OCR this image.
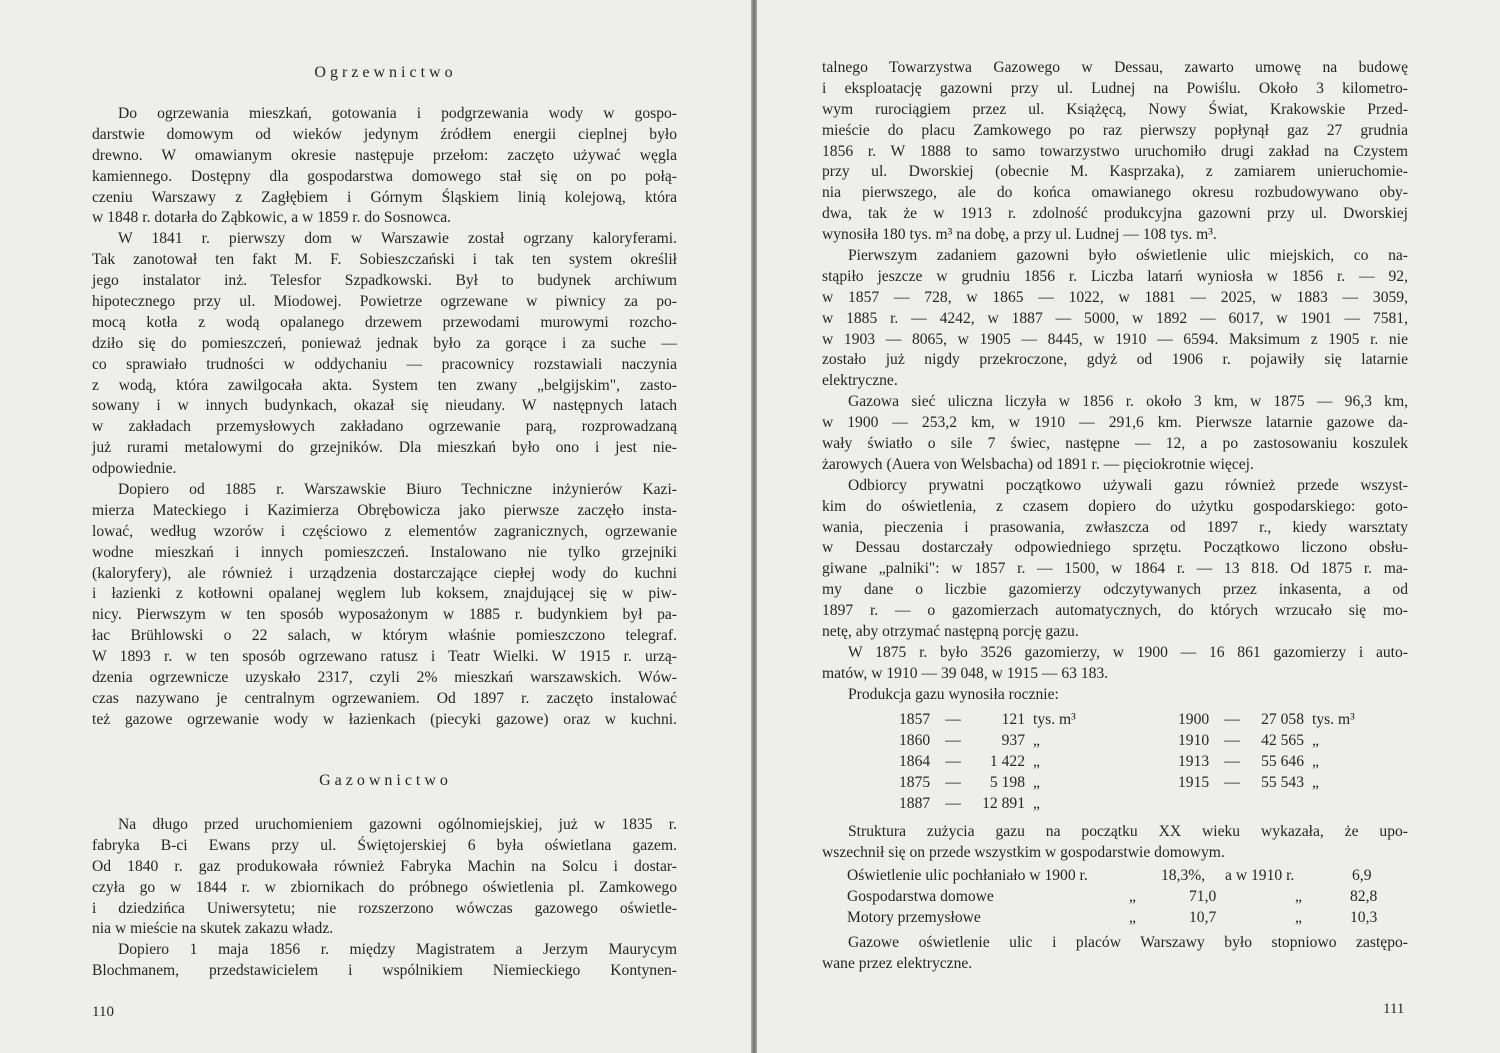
Ogrzewnictwo
Do ogrzewania mieszkań, gotowania i podgrzewania wody w gospo-
darstwie domowym od wieków jedynym źródłem energii cieplnej było
drewno. W omawianym okresie następuje przełom: zaczęto używać węgla
kamiennego. Dostępny dla gospodarstwa domowego stał się on po połą-
czeniu Warszawy z Zagłębiem i Górnym Śląskiem linią kolejową, która
w 1848 r. dotarła do Ząbkowic, a w 1859 r. do Sosnowca.
W 1841 r. pierwszy dom w Warszawie został ogrzany kaloryferami.
Tak zanotował ten fakt M. F. Sobieszczański i tak ten system określił
jego instalator inż. Telesfor Szpadkowski. Był to budynek archiwum
hipotecznego przy ul. Miodowej. Powietrze ogrzewane w piwnicy za po-
mocą kotła z wodą opalanego drzewem przewodami murowymi rozcho-
dziło się do pomieszczeń, ponieważ jednak było za gorące i za suche —
co sprawiało trudności w oddychaniu — pracownicy rozstawiali naczynia
z wodą, która zawilgocała akta. System ten zwany „belgijskim", zasto-
sowany i w innych budynkach, okazał się nieudany. W następnych latach
w zakładach przemysłowych zakładano ogrzewanie parą, rozprowadzaną
już rurami metalowymi do grzejników. Dla mieszkań było ono i jest nie-
odpowiednie.
Dopiero od 1885 r. Warszawskie Biuro Techniczne inżynierów Kazi-
mierza Mateckiego i Kazimierza Obrębowicza jako pierwsze zaczęło insta-
lować, według wzorów i częściowo z elementów zagranicznych, ogrzewanie
wodne mieszkań i innych pomieszczeń. Instalowano nie tylko grzejniki
(kaloryfery), ale również i urządzenia dostarczające ciepłej wody do kuchni
i łazienki z kotłowni opalanej węglem lub koksem, znajdującej się w piw-
nicy. Pierwszym w ten sposób wyposażonym w 1885 r. budynkiem był pa-
łac Brühlowski o 22 salach, w którym właśnie pomieszczono telegraf.
W 1893 r. w ten sposób ogrzewano ratusz i Teatr Wielki. W 1915 r. urzą-
dzenia ogrzewnicze uzyskało 2317, czyli 2% mieszkań warszawskich. Wów-
czas nazywano je centralnym ogrzewaniem. Od 1897 r. zaczęto instalować
też gazowe ogrzewanie wody w łazienkach (piecyki gazowe) oraz w kuchni.
Gazownictwo
Na długo przed uruchomieniem gazowni ogólnomiejskiej, już w 1835 r.
fabryka B-ci Ewans przy ul. Świętojerskiej 6 była oświetlana gazem.
Od 1840 r. gaz produkowała również Fabryka Machin na Solcu i dostar-
czyła go w 1844 r. w zbiornikach do próbnego oświetlenia pl. Zamkowego
i dziedzińca Uniwersytetu; nie rozszerzono wówczas gazowego oświetle-
nia w mieście na skutek zakazu władz.
Dopiero 1 maja 1856 r. między Magistratem a Jerzym Maurycym
Blochmanem, przedstawicielem i wspólnikiem Niemieckiego Kontynen-
110
talnego Towarzystwa Gazowego w Dessau, zawarto umowę na budowę
i eksploatację gazowni przy ul. Ludnej na Powiślu. Około 3 kilometro-
wym rurociągiem przez ul. Książęcą, Nowy Świat, Krakowskie Przed-
mieście do placu Zamkowego po raz pierwszy popłynął gaz 27 grudnia
1856 r. W 1888 to samo towarzystwo uruchomiło drugi zakład na Czystem
przy ul. Dworskiej (obecnie M. Kasprzaka), z zamiarem unieruchomie-
nia pierwszego, ale do końca omawianego okresu rozbudowywano oby-
dwa, tak że w 1913 r. zdolność produkcyjna gazowni przy ul. Dworskiej
wynosiła 180 tys. m³ na dobę, a przy ul. Ludnej — 108 tys. m³.
Pierwszym zadaniem gazowni było oświetlenie ulic miejskich, co na-
stąpiło jeszcze w grudniu 1856 r. Liczba latarń wyniosła w 1856 r. — 92,
w 1857 — 728, w 1865 — 1022, w 1881 — 2025, w 1883 — 3059,
w 1885 r. — 4242, w 1887 — 5000, w 1892 — 6017, w 1901 — 7581,
w 1903 — 8065, w 1905 — 8445, w 1910 — 6594. Maksimum z 1905 r. nie
zostało już nigdy przekroczone, gdyż od 1906 r. pojawiły się latarnie
elektryczne.
Gazowa sieć uliczna liczyła w 1856 r. około 3 km, w 1875 — 96,3 km,
w 1900 — 253,2 km, w 1910 — 291,6 km. Pierwsze latarnie gazowe da-
wały światło o sile 7 świec, następne — 12, a po zastosowaniu koszulek
żarowych (Auera von Welsbacha) od 1891 r. — pięciokrotnie więcej.
Odbiorcy prywatni początkowo używali gazu również przede wszyst-
kim do oświetlenia, z czasem dopiero do użytku gospodarskiego: goto-
wania, pieczenia i prasowania, zwłaszcza od 1897 r., kiedy warsztaty
w Dessau dostarczały odpowiedniego sprzętu. Początkowo liczono obsłu-
giwane „palniki": w 1857 r. — 1500, w 1864 r. — 13 818. Od 1875 r. ma-
my dane o liczbie gazomierzy odczytywanych przez inkasenta, a od
1897 r. — o gazomierzach automatycznych, do których wrzucało się mo-
netę, aby otrzymać następną porcję gazu.
W 1875 r. było 3526 gazomierzy, w 1900 — 16 861 gazomierzy i auto-
matów, w 1910 — 39 048, w 1915 — 63 183.
Produkcja gazu wynosiła rocznie:
1857 —	121 tys. m³
1860 —	937 „
1864 —	1 422 „
1875 —	5 198 „
1887 —	12 891 „
1900 —	27 058 tys. m³
1910 —	42 565 „
1913 —	55 646 „
1915 —	55 543 „
Struktura zużycia gazu na początku XX wieku wykazała, że upo-
wszechnił się on przede wszystkim w gospodarstwie domowym.
Oświetlenie ulic pochłaniało w 1900 r.	18,3%, a w 1910 r.	6,9
Gospodarstwa domowe	„	71,0	„	82,8
Motory przemysłowe	„	10,7	„	10,3
Gazowe oświetlenie ulic i placów Warszawy było stopniowo zastępo-
wane przez elektryczne.
111
